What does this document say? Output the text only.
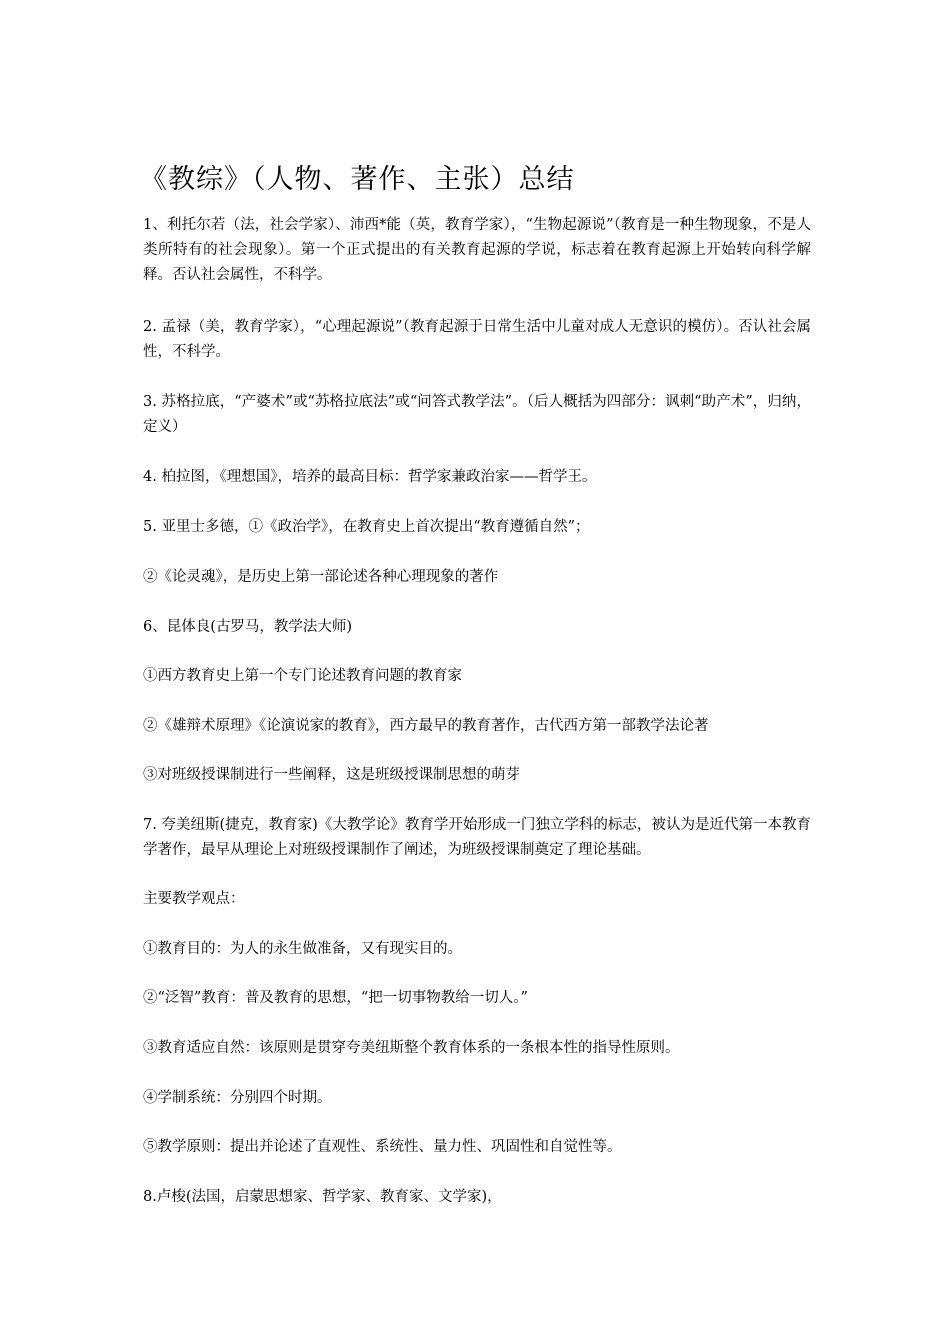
《教综》（人物、著作、主张）总结

1、利托尔若（法，社会学家）、沛西*能（英，教育学家），“生物起源说”（教育是一种生物现象，不是人类所特有的社会现象）。第一个正式提出的有关教育起源的学说，标志着在教育起源上开始转向科学解释。否认社会属性，不科学。

2. 孟禄（美，教育学家），“心理起源说”（教育起源于日常生活中儿童对成人无意识的模仿）。否认社会属性，不科学。

3. 苏格拉底，“产婆术”或“苏格拉底法”或“问答式教学法”。（后人概括为四部分：讽刺“助产术”，归纳，定义）

4. 柏拉图，《理想国》，培养的最高目标：哲学家兼政治家——哲学王。

5. 亚里士多德，①《政治学》，在教育史上首次提出“教育遵循自然”；

②《论灵魂》，是历史上第一部论述各种心理现象的著作

6、昆体良(古罗马，教学法大师)

①西方教育史上第一个专门论述教育问题的教育家

②《雄辩术原理》《论演说家的教育》，西方最早的教育著作，古代西方第一部教学法论著

③对班级授课制进行一些阐释，这是班级授课制思想的萌芽

7. 夸美纽斯(捷克，教育家)《大教学论》教育学开始形成一门独立学科的标志，被认为是近代第一本教育学著作，最早从理论上对班级授课制作了阐述，为班级授课制奠定了理论基础。

主要教学观点：

①教育目的：为人的永生做准备，又有现实目的。

②“泛智”教育：普及教育的思想，“把一切事物教给一切人。”

③教育适应自然：该原则是贯穿夸美纽斯整个教育体系的一条根本性的指导性原则。

④学制系统：分别四个时期。

⑤教学原则：提出并论述了直观性、系统性、量力性、巩固性和自觉性等。

8.卢梭(法国，启蒙思想家、哲学家、教育家、文学家)，
